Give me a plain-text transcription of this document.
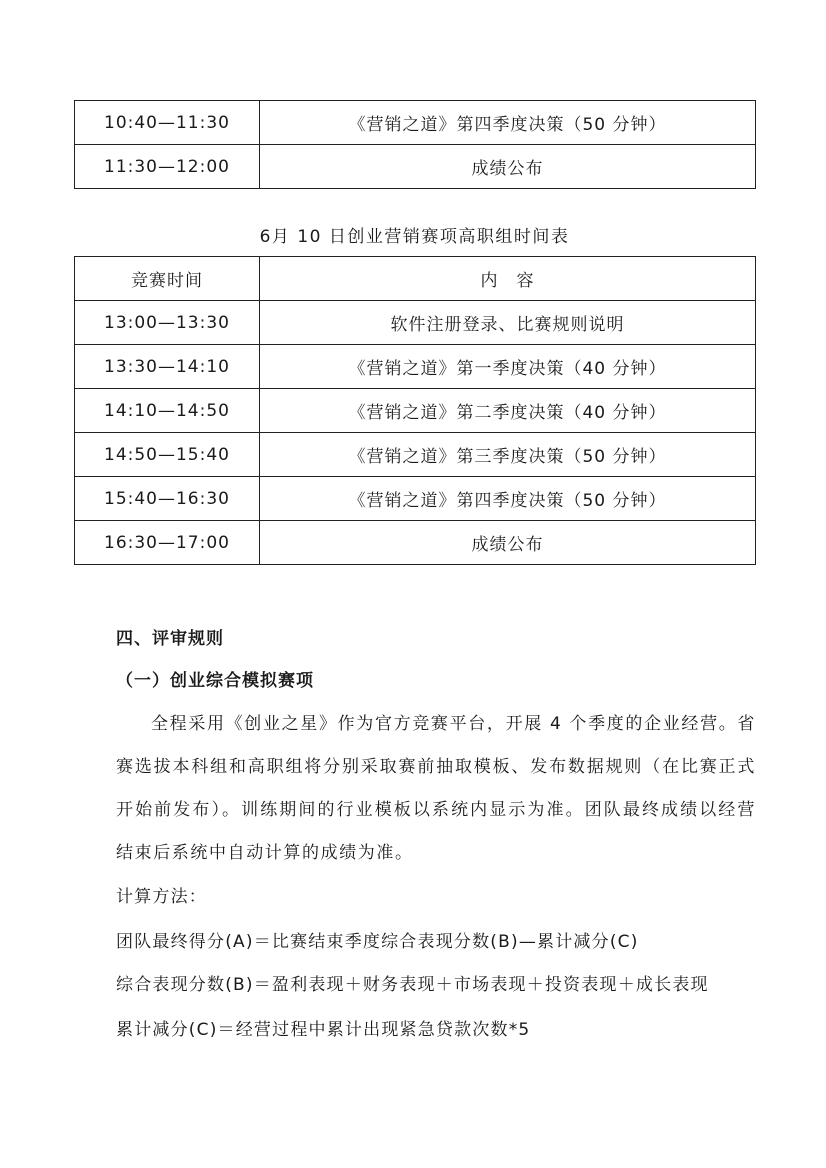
10:40—11:30	《营销之道》第四季度决策（50 分钟）
11:30—12:00	成绩公布
6月 10 日创业营销赛项高职组时间表
竞赛时间	内　容
13:00—13:30	软件注册登录、比赛规则说明
13:30—14:10	《营销之道》第一季度决策（40 分钟）
14:10—14:50	《营销之道》第二季度决策（40 分钟）
14:50—15:40	《营销之道》第三季度决策（50 分钟）
15:40—16:30	《营销之道》第四季度决策（50 分钟）
16:30—17:00	成绩公布
四、评审规则
（一）创业综合模拟赛项
全程采用《创业之星》作为官方竞赛平台，开展 4 个季度的企业经营。省赛选拔本科组和高职组将分别采取赛前抽取模板、发布数据规则（在比赛正式开始前发布）。训练期间的行业模板以系统内显示为准。团队最终成绩以经营结束后系统中自动计算的成绩为准。
计算方法：
团队最终得分(A)＝比赛结束季度综合表现分数(B)—累计减分(C)
综合表现分数(B)＝盈利表现＋财务表现＋市场表现＋投资表现＋成长表现
累计减分(C)＝经营过程中累计出现紧急贷款次数*5
